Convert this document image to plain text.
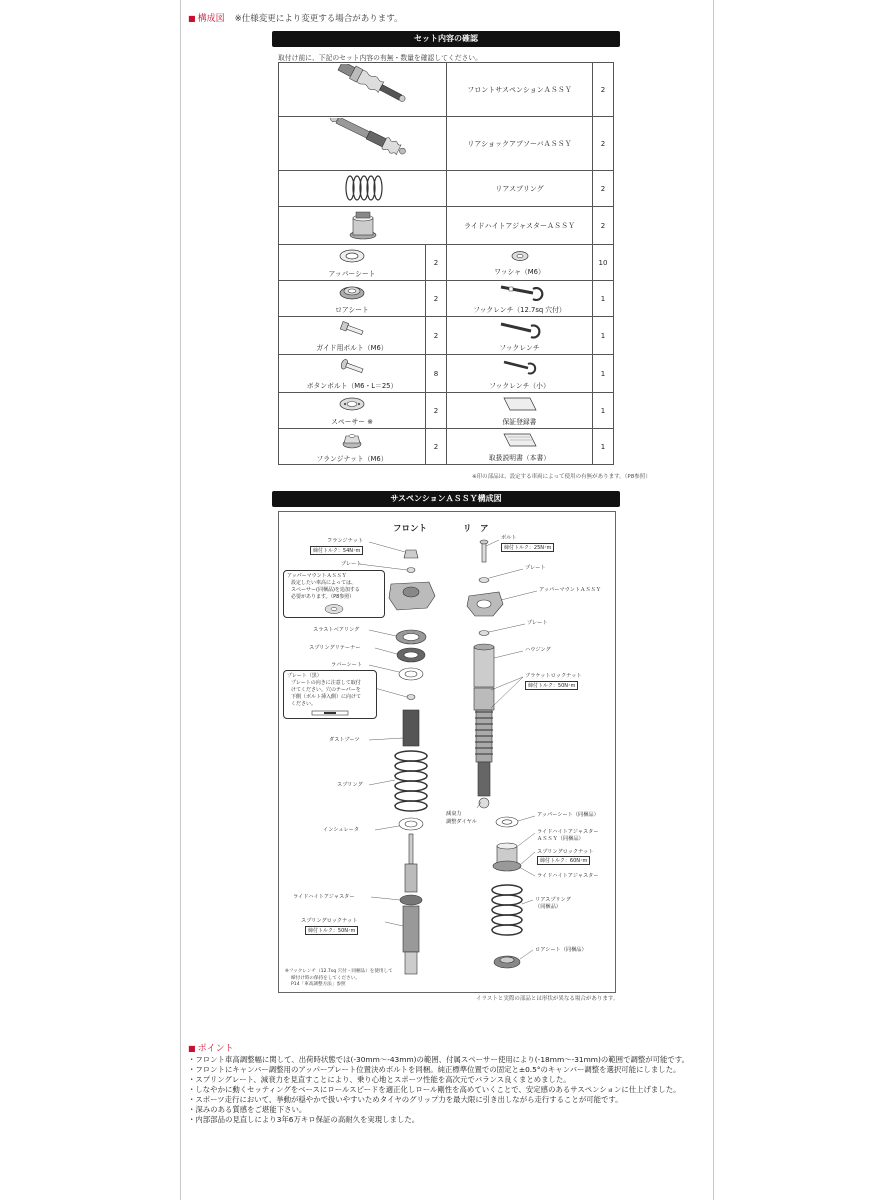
■ 構成図 ※仕様変更により変更する場合があります。
セット内容の確認
取付け前に、下記のセット内容の有無・数量を確認してください。
	フロントサスペンションＡＳＳＹ	2
	リアショックアブソーバＡＳＳＹ	2
	リアスプリング	2
	ライドハイトアジャスターＡＳＳＹ	2

アッパーシート	2	ワッシャ（M6）	10

ロアシート	2	フックレンチ（12.7sq 穴付）	1

ガイド用ボルト（M6）	2	フックレンチ	1

ボタンボルト（M6・L＝25）	8	フックレンチ（小）	1

スペーサー ※	2	保証登録書	1

フランジナット（M6）	2	取扱説明書（本書）	1
※印の部品は、設定する車両によって使用の有無があります。（P8参照）
サスペンションＡＳＳＹ構成図
フロント	リ　ア
フランジナット
締付トルク：54N･m
プレート
アッパーマウントＡＳＳＹ
設定したい車高によっては、
スペーサー(同梱品)を追加する
必要があります。（P8参照）
スラストベアリング
スプリングリテーナー
ラバーシート
プレート（黒）
プレートの向きに注意して取付
けてください。穴のテーパーを
下側（ボルト挿入側）に向けて
ください。
ダストブーツ
スプリング
インシュレータ
ライドハイトアジャスター
スプリングロックナット
締付トルク：50N･m
ボルト
締付トルク：25N･m
プレート
アッパーマウントＡＳＳＹ
プレート
ハウジング
ブラケットロックナット
締付トルク：50N･m
減衰力
調整ダイヤル
アッパーシート（同梱品）
ライドハイトアジャスター
ＡＳＳＹ（同梱品）
スプリングロックナット
締付トルク：60N･m
ライドハイトアジャスター
リアスプリング
（同梱品）
ロアシート（同梱品）
※フックレンチ（12.7sq 穴付・同梱品）を使用して
締付け時の保持をしてください。
P14「車高調整方法」参照
イラストと実際の部品とは形状が異なる場合があります。
■ ポイント
・フロント車高調整幅に関して、出荷時状態では(-30mm～-43mm)の範囲、付属スペーサー使用により(-18mm～-31mm)の範囲で調整が可能です。
・フロントにキャンバー調整用のアッパープレート位置決めボルトを同梱。純正標準位置での固定と±0.5°のキャンバー調整を選択可能にしました。
・スプリングレート、減衰力を見直すことにより、乗り心地とスポーツ性能を高次元でバランス良くまとめました。
・しなやかに動くセッティングをベースにロールスピードを適正化しロール剛性を高めていくことで、安定感のあるサスペンションに仕上げました。
・スポーツ走行において、挙動が穏やかで扱いやすいためタイヤのグリップ力を最大限に引き出しながら走行することが可能です。
・深みのある質感をご堪能下さい。
・内部部品の見直しにより3年6万キロ保証の高耐久を実現しました。
